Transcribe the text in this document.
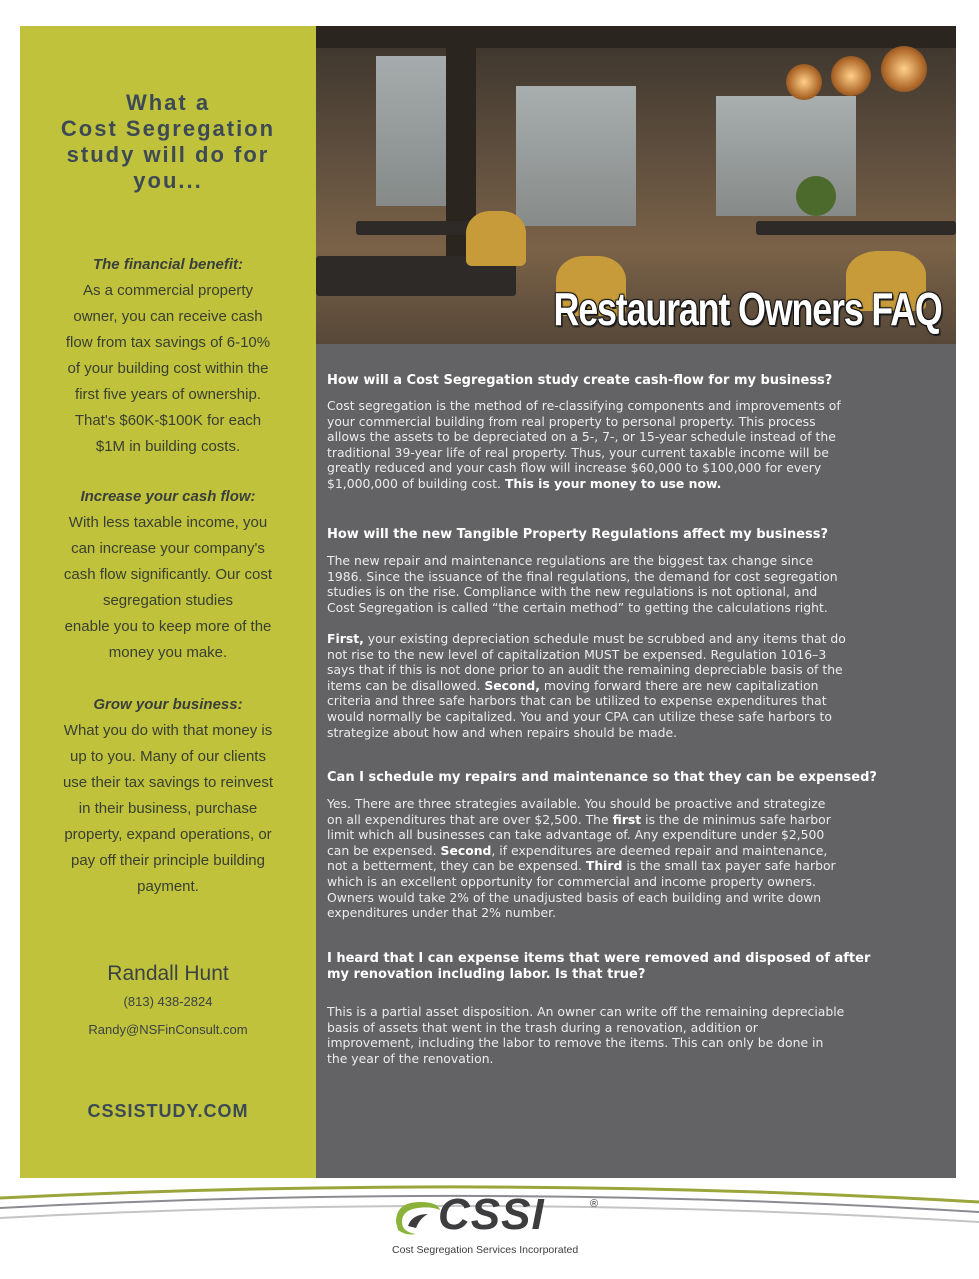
What a
Cost Segregation
study will do for
you...
The financial benefit:
As a commercial property
owner, you can receive cash
flow from tax savings of 6-10%
of your building cost within the
first five years of ownership.
That's $60K-$100K for each
$1M in building costs.
Increase your cash flow:
With less taxable income, you
can increase your company's
cash flow significantly. Our cost
segregation studies
enable you to keep more of the
money you make.
Grow your business:
What you do with that money is
up to you. Many of our clients
use their tax savings to reinvest
in their business, purchase
property, expand operations, or
pay off their principle building
payment.
Randall Hunt
(813) 438-2824
Randy@NSFinConsult.com
CSSISTUDY.COM
Restaurant Owners FAQ
How will a Cost Segregation study create cash-flow for my business?
Cost segregation is the method of re-classifying components and improvements of
your commercial building from real property to personal property. This process
allows the assets to be depreciated on a 5-, 7-, or 15-year schedule instead of the
traditional 39-year life of real property. Thus, your current taxable income will be
greatly reduced and your cash flow will increase $60,000 to $100,000 for every
$1,000,000 of building cost. This is your money to use now.
How will the new Tangible Property Regulations affect my business?
The new repair and maintenance regulations are the biggest tax change since
1986. Since the issuance of the final regulations, the demand for cost segregation
studies is on the rise. Compliance with the new regulations is not optional, and
Cost Segregation is called “the certain method” to getting the calculations right.
First, your existing depreciation schedule must be scrubbed and any items that do
not rise to the new level of capitalization MUST be expensed. Regulation 1016–3
says that if this is not done prior to an audit the remaining depreciable basis of the
items can be disallowed. Second, moving forward there are new capitalization
criteria and three safe harbors that can be utilized to expense expenditures that
would normally be capitalized. You and your CPA can utilize these safe harbors to
strategize about how and when repairs should be made.
Can I schedule my repairs and maintenance so that they can be expensed?
Yes. There are three strategies available. You should be proactive and strategize
on all expenditures that are over $2,500. The first is the de minimus safe harbor
limit which all businesses can take advantage of. Any expenditure under $2,500
can be expensed. Second, if expenditures are deemed repair and maintenance,
not a betterment, they can be expensed. Third is the small tax payer safe harbor
which is an excellent opportunity for commercial and income property owners.
Owners would take 2% of the unadjusted basis of each building and write down
expenditures under that 2% number.
I heard that I can expense items that were removed and disposed of after
my renovation including labor. Is that true?
This is a partial asset disposition. An owner can write off the remaining depreciable
basis of assets that went in the trash during a renovation, addition or
improvement, including the labor to remove the items. This can only be done in
the year of the renovation.
CSSI	®
Cost Segregation Services Incorporated
